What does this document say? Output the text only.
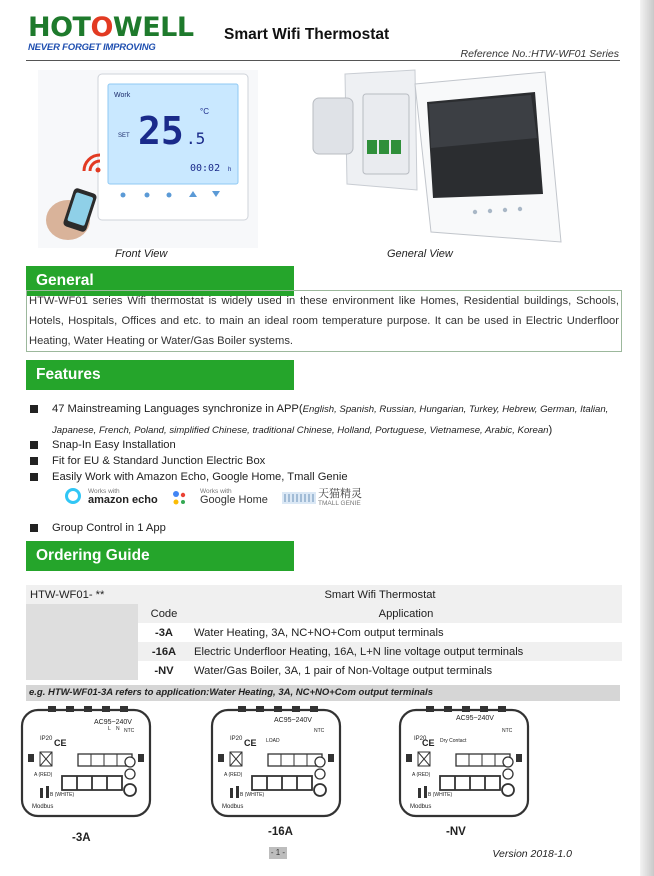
HOTOWELL
NEVER FORGET IMPROVING
Smart Wifi Thermostat
Reference No.:HTW-WF01 Series
Work
SET 25 .5
°C
00:02 h
Front View	General View
General
HTW-WF01 series Wifi thermostat is widely used in these environment like Homes, Residential buildings, Schools, Hotels, Hospitals, Offices and etc. to main an ideal room temperature purpose. It can be used in Electric Underfloor Heating, Water Heating or Water/Gas Boiler systems.
Features
47 Mainstreaming Languages synchronize in APP(English, Spanish, Russian, Hungarian, Turkey, Hebrew, German, Italian, Japanese, French, Poland, simplified Chinese, traditional Chinese, Holland, Portuguese, Vietnamese, Arabic, Korean)
Snap-In Easy Installation
Fit for EU & Standard Junction Electric Box
Easily Work with Amazon Echo, Google Home, Tmall Genie
Works with
amazon echo
Works with
Google Home	天猫精灵
TMALL GENIE
Group Control in 1 App
Ordering Guide
HTW-WF01- **	Smart Wifi Thermostat	
	Code	Application
	-3A	Water Heating, 3A, NC+NO+Com output terminals
	-16A	Electric Underfloor Heating, 16A, L+N line voltage output terminals
	-NV	Water/Gas Boiler, 3A, 1 pair of Non-Voltage output terminals
e.g. HTW-WF01-3A refers to application:Water Heating, 3A, NC+NO+Com output terminals
AC95~240V
IP20 CE
NTC
L N
A (RED)
B (WHITE)
Modbus
AC95~240V
IP20 CE LOAD
NTC
A (RED)
B (WHITE)
Modbus
AC95~240V
IP20
CE Dry Contact
NTC
A (RED)
B (WHITE)
Modbus
-3A	-16A	-NV
- 1 -	Version 2018-1.0
